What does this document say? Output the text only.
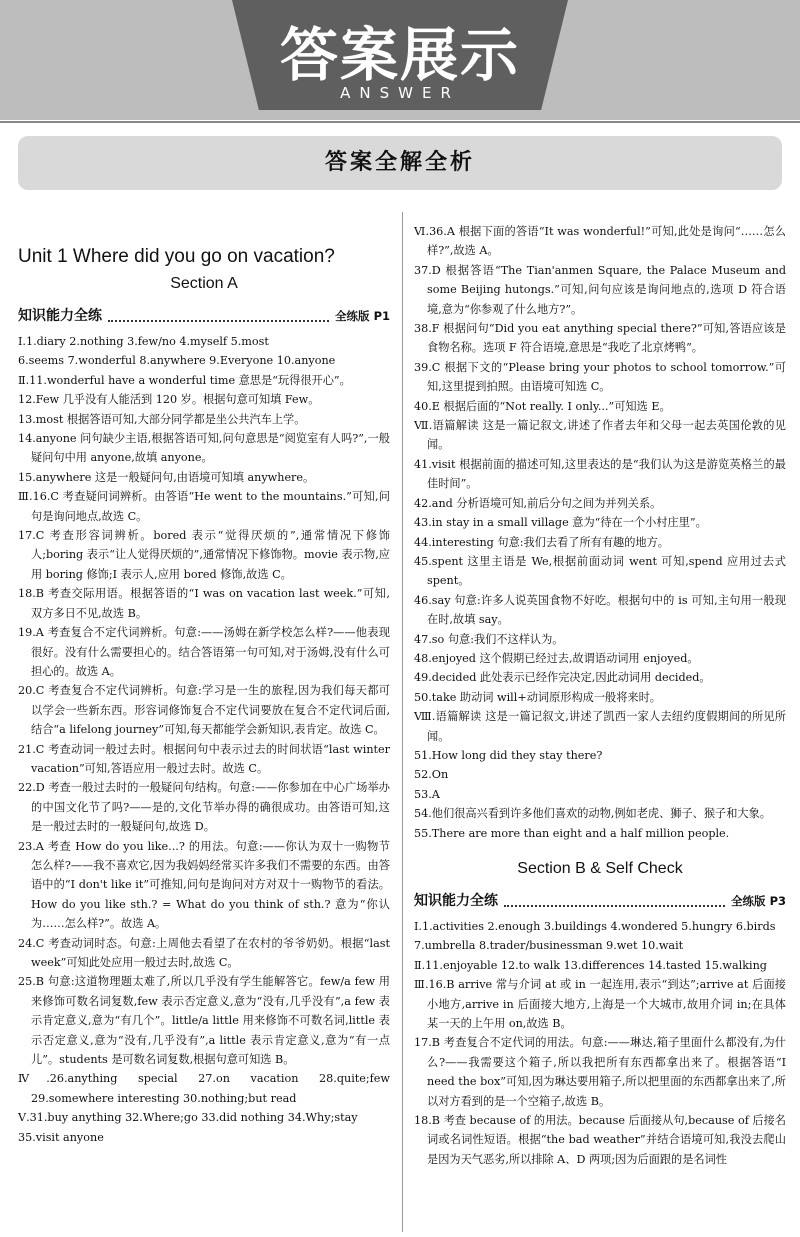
答案展示
ANSWER
答案全解全析
Unit 1 Where did you go on vacation?
Section A
知识能力全练	全练版 P1

Ⅰ.1.diary 2.nothing 3.few/no 4.myself 5.most

6.seems 7.wonderful 8.anywhere 9.Everyone 10.anyone

Ⅱ.11.wonderful have a wonderful time 意思是“玩得很开心”。

12.Few 几乎没有人能活到 120 岁。根据句意可知填 Few。

13.most 根据答语可知,大部分同学都是坐公共汽车上学。

14.anyone 问句缺少主语,根据答语可知,问句意思是“阅览室有人吗?”,一般疑问句中用 anyone,故填 anyone。

15.anywhere 这是一般疑问句,由语境可知填 anywhere。

Ⅲ.16.C 考查疑问词辨析。由答语“He went to the mountains.”可知,问句是询问地点,故选 C。

17.C 考查形容词辨析。bored 表示“觉得厌烦的”,通常情况下修饰人;boring 表示“让人觉得厌烦的”,通常情况下修饰物。movie 表示物,应用 boring 修饰;I 表示人,应用 bored 修饰,故选 C。

18.B 考查交际用语。根据答语的“I was on vacation last week.”可知,双方多日不见,故选 B。

19.A 考查复合不定代词辨析。句意:——汤姆在新学校怎么样?——他表现很好。没有什么需要担心的。结合答语第一句可知,对于汤姆,没有什么可担心的。故选 A。

20.C 考查复合不定代词辨析。句意:学习是一生的旅程,因为我们每天都可以学会一些新东西。形容词修饰复合不定代词要放在复合不定代词后面,结合“a lifelong journey”可知,每天都能学会新知识,表肯定。故选 C。

21.C 考查动词一般过去时。根据问句中表示过去的时间状语“last winter vacation”可知,答语应用一般过去时。故选 C。

22.D 考查一般过去时的一般疑问句结构。句意:——你参加在中心广场举办的中国文化节了吗?——是的,文化节举办得的确很成功。由答语可知,这是一般过去时的一般疑问句,故选 D。

23.A 考查 How do you like...? 的用法。句意:——你认为双十一购物节怎么样?——我不喜欢它,因为我妈妈经常买许多我们不需要的东西。由答语中的“I don't like it”可推知,问句是询问对方对双十一购物节的看法。How do you like sth.? = What do you think of sth.? 意为“你认为……怎么样?”。故选 A。

24.C 考查动词时态。句意:上周他去看望了在农村的爷爷奶奶。根据“last week”可知此处应用一般过去时,故选 C。

25.B 句意:这道物理题太难了,所以几乎没有学生能解答它。few/a few 用来修饰可数名词复数,few 表示否定意义,意为“没有,几乎没有”,a few 表示肯定意义,意为“有几个”。little/a little 用来修饰不可数名词,little 表示否定意义,意为“没有,几乎没有”,a little 表示肯定意义,意为“有一点儿”。students 是可数名词复数,根据句意可知选 B。

Ⅳ.26.anything special 27.on vacation 28.quite;few 29.somewhere interesting 30.nothing;but read

Ⅴ.31.buy anything 32.Where;go 33.did nothing 34.Why;stay

35.visit anyone

Ⅵ.36.A 根据下面的答语“It was wonderful!”可知,此处是询问“……怎么样?”,故选 A。

37.D 根据答语“The Tian'anmen Square, the Palace Museum and some Beijing hutongs.”可知,问句应该是询问地点的,选项 D 符合语境,意为“你参观了什么地方?”。

38.F 根据问句“Did you eat anything special there?”可知,答语应该是食物名称。选项 F 符合语境,意思是“我吃了北京烤鸭”。

39.C 根据下文的“Please bring your photos to school tomorrow.”可知,这里提到拍照。由语境可知选 C。

40.E 根据后面的“Not really. I only...”可知选 E。

Ⅶ.语篇解读 这是一篇记叙文,讲述了作者去年和父母一起去英国伦敦的见闻。

41.visit 根据前面的描述可知,这里表达的是“我们认为这是游览英格兰的最佳时间”。

42.and 分析语境可知,前后分句之间为并列关系。

43.in stay in a small village 意为“待在一个小村庄里”。

44.interesting 句意:我们去看了所有有趣的地方。

45.spent 这里主语是 We,根据前面动词 went 可知,spend 应用过去式 spent。

46.say 句意:许多人说英国食物不好吃。根据句中的 is 可知,主句用一般现在时,故填 say。

47.so 句意:我们不这样认为。

48.enjoyed 这个假期已经过去,故谓语动词用 enjoyed。

49.decided 此处表示已经作完决定,因此动词用 decided。

50.take 助动词 will+动词原形构成一般将来时。

Ⅷ.语篇解读 这是一篇记叙文,讲述了凯西一家人去纽约度假期间的所见所闻。

51.How long did they stay there?

52.On

53.A

54.他们很高兴看到许多他们喜欢的动物,例如老虎、狮子、猴子和大象。

55.There are more than eight and a half million people.

Section B & Self Check
知识能力全练	全练版 P3

Ⅰ.1.activities 2.enough 3.buildings 4.wondered 5.hungry 6.birds

7.umbrella 8.trader/businessman 9.wet 10.wait

Ⅱ.11.enjoyable 12.to walk 13.differences 14.tasted 15.walking

Ⅲ.16.B arrive 常与介词 at 或 in 一起连用,表示“到达”;arrive at 后面接小地方,arrive in 后面接大地方,上海是一个大城市,故用介词 in;在具体某一天的上午用 on,故选 B。

17.B 考查复合不定代词的用法。句意:——琳达,箱子里面什么都没有,为什么?——我需要这个箱子,所以我把所有东西都拿出来了。根据答语“I need the box”可知,因为琳达要用箱子,所以把里面的东西都拿出来了,所以对方看到的是一个空箱子,故选 B。

18.B 考查 because of 的用法。because 后面接从句,because of 后接名词或名词性短语。根据“the bad weather”并结合语境可知,我没去爬山是因为天气恶劣,所以排除 A、D 两项;因为后面跟的是名词性
